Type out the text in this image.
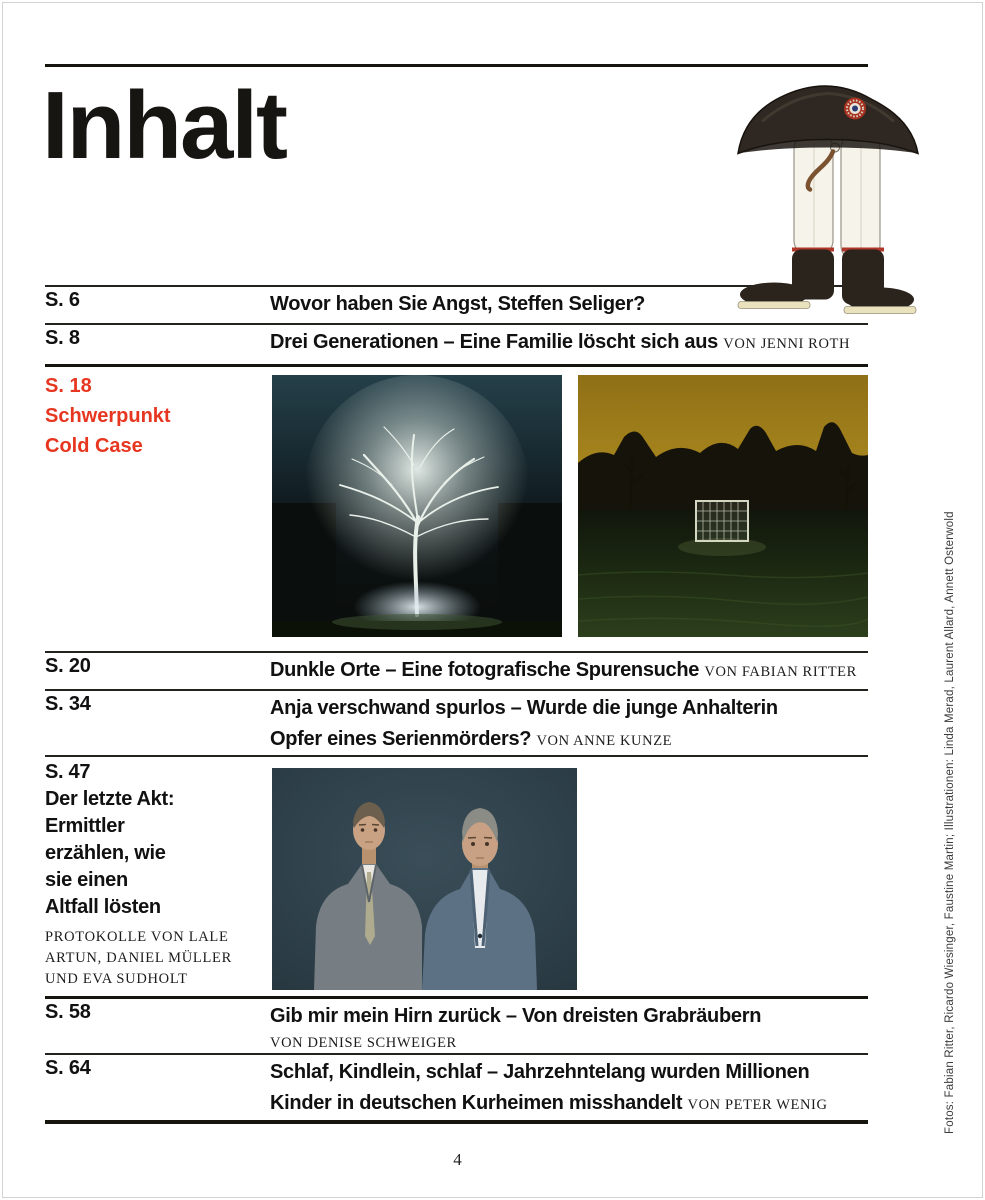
Inhalt
S. 6	Wovor haben Sie Angst, Steffen Seliger?
S. 8	Drei Generationen – Eine Familie löscht sich aus VON JENNI ROTH
S. 18
Schwerpunkt
Cold Case
S. 20	Dunkle Orte – Eine fotografische Spurensuche VON FABIAN RITTER
S. 34	Anja verschwand spurlos – Wurde die junge Anhalterin
Opfer eines Serienmörders? VON ANNE KUNZE
S. 47
Der letzte Akt:
Ermittler
erzählen, wie
sie einen
Altfall lösten
PROTOKOLLE VON LALE
ARTUN, DANIEL MÜLLER
UND EVA SUDHOLT
S. 58	Gib mir mein Hirn zurück – Von dreisten Grabräubern
VON DENISE SCHWEIGER
S. 64	Schlaf, Kindlein, schlaf – Jahrzehntelang wurden Millionen
Kinder in deutschen Kurheimen misshandelt VON PETER WENIG	Fotos: Fabian Ritter, Ricardo Wiesinger, Faustine Martin; Illustrationen: Linda Merad, Laurent Allard, Annett Osterwold
4
